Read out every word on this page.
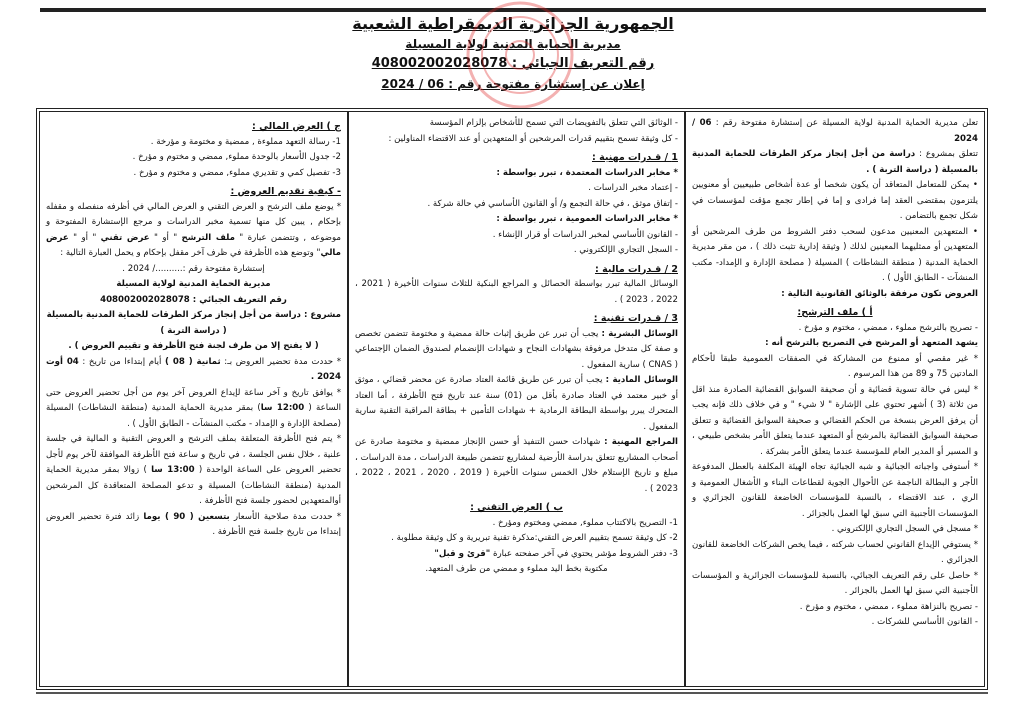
الجمهورية الجزائرية الديمقراطية الشعبية
مديرية الحماية المدنية لولاية المسيلة
رقم التعريف الجبائي : 408002002028078
إعلان عن إستشارة مفتوحة رقم : 06 / 2024

تعلن مديرية الحماية المدنية لولاية المسيلة عن إستشارة مفتوحة رقم : 06 / 2024

تتعلق بمشروع : دراسة من أجل إنجاز مركز الطرقات للحماية المدنية بالمسيلة ( دراسة التربة ) .

• يمكن للمتعامل المتعاقد أن يكون شخصا أو عدة أشخاص طبيعيين أو معنويين يلتزمون بمقتضى العقد إما فرادى و إما في إطار تجمع مؤقت لمؤسسات في شكل تجمع بالتضامن .

• المتعهدين المعنيين مدعون لسحب دفتر الشروط من طرف المرشحين أو المتعهدين أو ممثليهما المعينين لذلك ( وثيقة إدارية تثبت ذلك ) ، من مقر مديرية الحماية المدنية ( منطقة النشاطات ) المسيلة ( مصلحة الإدارة و الإمداد- مكتب المنشآت - الطابق الأول ) .

العروض تكون مرفقة بالوثائق القانونية التالية :

أ ) ملف الترشح:

- تصريح بالترشح مملوء ، ممضي ، مختوم و مؤرخ .

يشهد المتعهد أو المرشح في التصريح بالترشح أنه :

* غير مقصي أو ممنوع من المشاركة في الصفقات العمومية طبقا لأحكام المادتين 75 و 89 من هذا المرسوم .

* ليس في حالة تسوية قضائية و أن صحيفة السوابق القضائية الصادرة منذ اقل من ثلاثة (3 ) أشهر تحتوي على الإشارة " لا شيء " و في خلاف ذلك فإنه يجب أن يرفق العرض بنسخة من الحكم القضائي و صحيفة السوابق القضائية و تتعلق صحيفة السوابق القضائية بالمرشح أو المتعهد عندما يتعلق الأمر بشخص طبيعي ، و المسير أو المدير العام للمؤسسة عندما يتعلق الأمر بشركة .

* أستوفى واجباته الجبائية و شبه الجبائية تجاه الهيئة المكلفة بالعطل المدفوعة الأجر و البطالة الناجمة عن الأحوال الجوية لقطاعات البناء و الأشغال العمومية و الري ، عند الاقتضاء ، بالنسبة للمؤسسات الخاضعة للقانون الجزائري و المؤسسات الأجنبية التي سبق لها العمل بالجزائر .

* مسجل في السجل التجاري الإلكتروني .

* يستوفي الإيداع القانوني لحساب شركته ، فيما يخص الشركات الخاضعة للقانون الجزائري .

* حاصل على رقم التعريف الجبائي، بالنسبة للمؤسسات الجزائرية و المؤسسات الأجنبية التي سبق لها العمل بالجزائر .

- تصريح بالنزاهة مملوء ، ممضي ، مختوم و مؤرخ .

- القانون الأساسي للشركات .

- الوثائق التي تتعلق بالتفويضات التي تسمح للأشخاص بإلزام المؤسسة

- كل وثيقة تسمح بتقييم قدرات المرشحين أو المتعهدين أو عند الاقتضاء المناولين :

1 / قـدرات مهنية :

* مخابر الدراسات المعتمدة ، تبرر بواسطة :

- إعتماد مخبر الدراسات .

- إتفاق موثق ، في حالة التجمع و/ أو القانون الأساسي في حالة شركة .

* مخابر الدراسات العمومية ، تبرر بواسطة :

- القانون الأساسي لمخبر الدراسات أو قرار الإنشاء .

- السجل التجاري الإلكتروني .

2 / قـدرات مالية :

الوسائل المالية تبرر بواسطة الحصائل و المراجع البنكية للثلاث سنوات الأخيرة ( 2021 ، 2022 ، 2023 ) .

3 / قـدرات تقنية :

الوسائل البشرية : يجب أن تبرر عن طريق إثبات حالة ممضية و مختومة تتضمن تخصص و صفة كل متدخل مرفوقة بشهادات النجاح و شهادات الإنضمام لصندوق الضمان الإجتماعي ( CNAS ) سارية المفعول .

الوسائل المادية : يجب أن تبرر عن طريق قائمة العتاد صادرة عن محضر قضائي ، موثق أو خبير معتمد في العتاد صادرة بأقل من (01) سنة عند تاريخ فتح الأظرفة ، أما العتاد المتحرك يبرر بواسطة البطاقة الرمادية + شهادات التأمين + بطاقة المراقبة التقنية سارية المفعول .

المراجع المهنية : شهادات حسن التنفيذ أو حسن الإنجاز ممضية و مختومة صادرة عن أصحاب المشاريع تتعلق بدراسة الأرضية لمشاريع تتضمن طبيعة الدراسات ، مدة الدراسات ، مبلغ و تاريخ الإستلام خلال الخمس سنوات الأخيرة ( 2019 ، 2020 ، 2021 ، 2022 ، 2023 ) .

ب ) العرض التقني :

1- التصريح بالاكتتاب مملوء, ممضي ومختوم ومؤرخ .

2- كل وثيقة تسمح بتقييم العرض التقني:مذكرة تقنية تبريرية و كل وثيقة مطلوبة .

3- دفتر الشروط مؤشر يحتوي في آخر صفحته عبارة "قرئ و قبل"

مكتوبة بخط اليد مملوء و ممضي من طرف المتعهد.

ج ) العرض المالي :

1- رسالة التعهد مملوءة , ممضية و مختومة و مؤرخة .

2- جدول الأسعار بالوحدة مملوء, ممضي و مختوم و مؤرخ .

3- تفصيل كمي و تقديري مملوء, ممضي و مختوم و مؤرخ .

- كيفية تقديم العروض :

* يوضع ملف الترشح و العرض التقني و العرض المالي في أظرفه منفصله و مقفله بإحكام , يبين كل منها تسمية مخبر الدراسات و مرجع الإستشارة المفتوحة و موضوعه , وتتضمن عبارة " ملف الترشح " أو " عرض تقني " أو " عرض مالي" وتوضع هذه الأظرفة في ظرف آخر مقفل بإحكام و يحمل العبارة التالية :

إستشارة مفتوحة رقم :........../ 2024 .

مديرية الحماية المدنية لولاية المسيلة

رقم التعريف الجبائي : 408002002028078

مشروع : دراسة من أجل إنجاز مركز الطرقات للحماية المدنية بالمسيلة

( دراسة التربة )

( لا يفتح إلا من طرف لجنة فتح الأظرفة و تقييم العروض ) .

* حددت مدة تحضير العروض بـ: ثمانية ( 08 ) أيام إبتداءا من تاريخ : 04 أوت 2024 .

* يوافق تاريخ و آخر ساعة لإيداع العروض آخر يوم من أجل تحضير العروض حتى الساعة ( 12:00 سا) بمقر مديرية الحماية المدنية (منطقة النشاطات) المسيلة (مصلحة الإدارة و الإمداد - مكتب المنشآت - الطابق الأول ) .

* يتم فتح الأظرفة المتعلقة بملف الترشح و العروض التقنية و المالية في جلسة علنية ، خلال نفس الجلسة ، في تاريخ و ساعة فتح الأظرفة الموافقة لآخر يوم لأجل تحضير العروض على الساعة الواحدة ( 13:00 سا ) زوالا بمقر مديرية الحماية المدنية (منطقة النشاطات) المسيلة و تدعو المصلحة المتعاقدة كل المرشحين أوالمتعهدين لحضور جلسة فتح الأظرفة .

* حددت مدة صلاحية الأسعار بتسعين ( 90 ) يوما زائد فترة تحضير العروض إبتداءا من تاريخ جلسة فتح الأظرفة .
